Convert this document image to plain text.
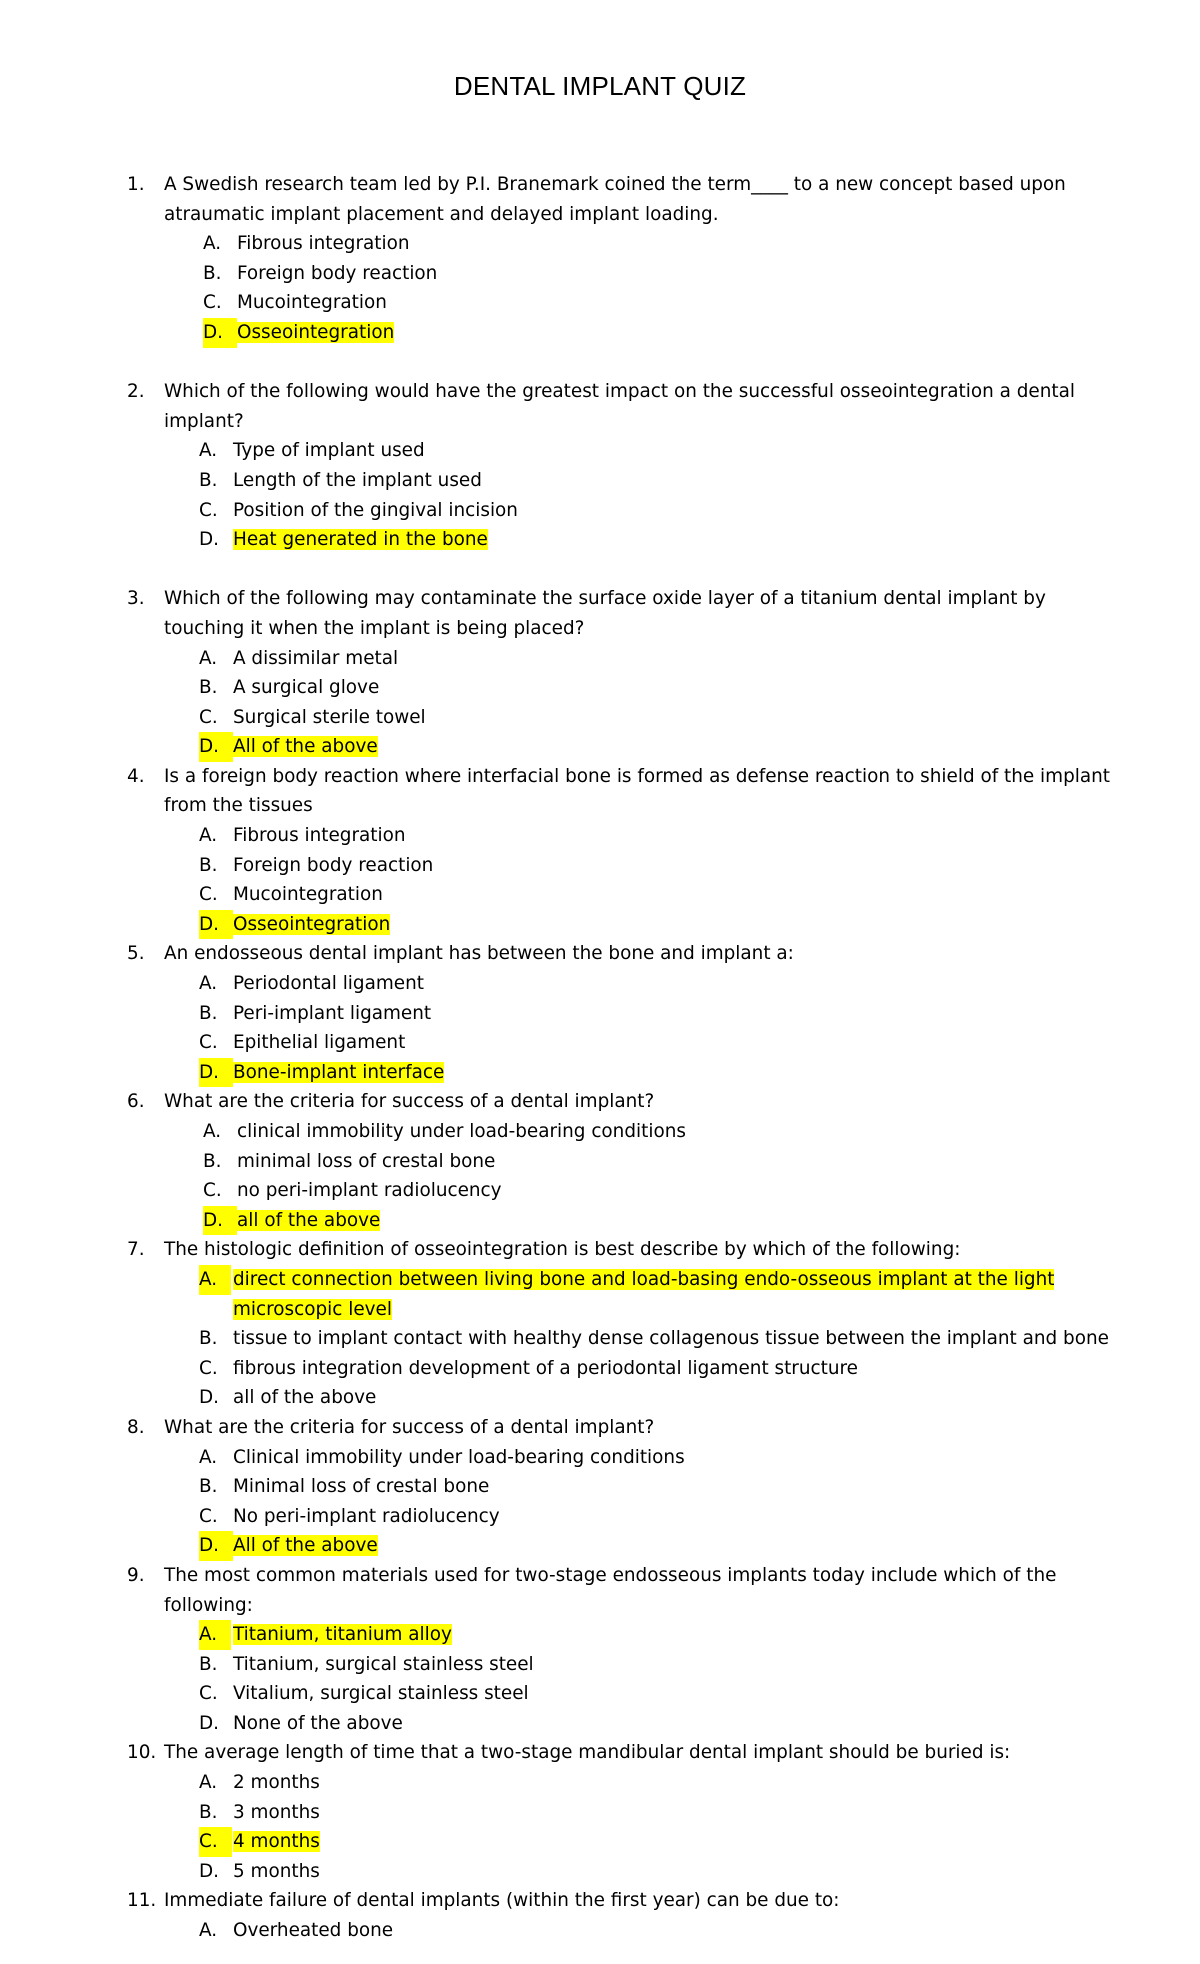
DENTAL IMPLANT QUIZ
1. A Swedish research team led by P.I. Branemark coined the term____ to a new concept based upon atraumatic implant placement and delayed implant loading.
A. Fibrous integration
B. Foreign body reaction
C. Mucointegration
D. Osseointegration
2. Which of the following would have the greatest impact on the successful osseointegration a dental implant?
A. Type of implant used
B. Length of the implant used
C. Position of the gingival incision
D. Heat generated in the bone
3. Which of the following may contaminate the surface oxide layer of a titanium dental implant by touching it when the implant is being placed?
A. A dissimilar metal
B. A surgical glove
C. Surgical sterile towel
D. All of the above
4. Is a foreign body reaction where interfacial bone is formed as defense reaction to shield of the implant from the tissues
A. Fibrous integration
B. Foreign body reaction
C. Mucointegration
D. Osseointegration
5. An endosseous dental implant has between the bone and implant a:
A. Periodontal ligament
B. Peri-implant ligament
C. Epithelial ligament
D. Bone-implant interface
6. What are the criteria for success of a dental implant?
A. clinical immobility under load-bearing conditions
B. minimal loss of crestal bone
C. no peri-implant radiolucency
D. all of the above
7. The histologic definition of osseointegration is best describe by which of the following:
A. direct connection between living bone and load-basing endo-osseous implant at the light microscopic level
B. tissue to implant contact with healthy dense collagenous tissue between the implant and bone
C. fibrous integration development of a periodontal ligament structure
D. all of the above
8. What are the criteria for success of a dental implant?
A. Clinical immobility under load-bearing conditions
B. Minimal loss of crestal bone
C. No peri-implant radiolucency
D. All of the above
9. The most common materials used for two-stage endosseous implants today include which of the following:
A. Titanium, titanium alloy
B. Titanium, surgical stainless steel
C. Vitalium, surgical stainless steel
D. None of the above
10. The average length of time that a two-stage mandibular dental implant should be buried is:
A. 2 months
B. 3 months
C. 4 months
D. 5 months
11. Immediate failure of dental implants (within the first year) can be due to:
A. Overheated bone
